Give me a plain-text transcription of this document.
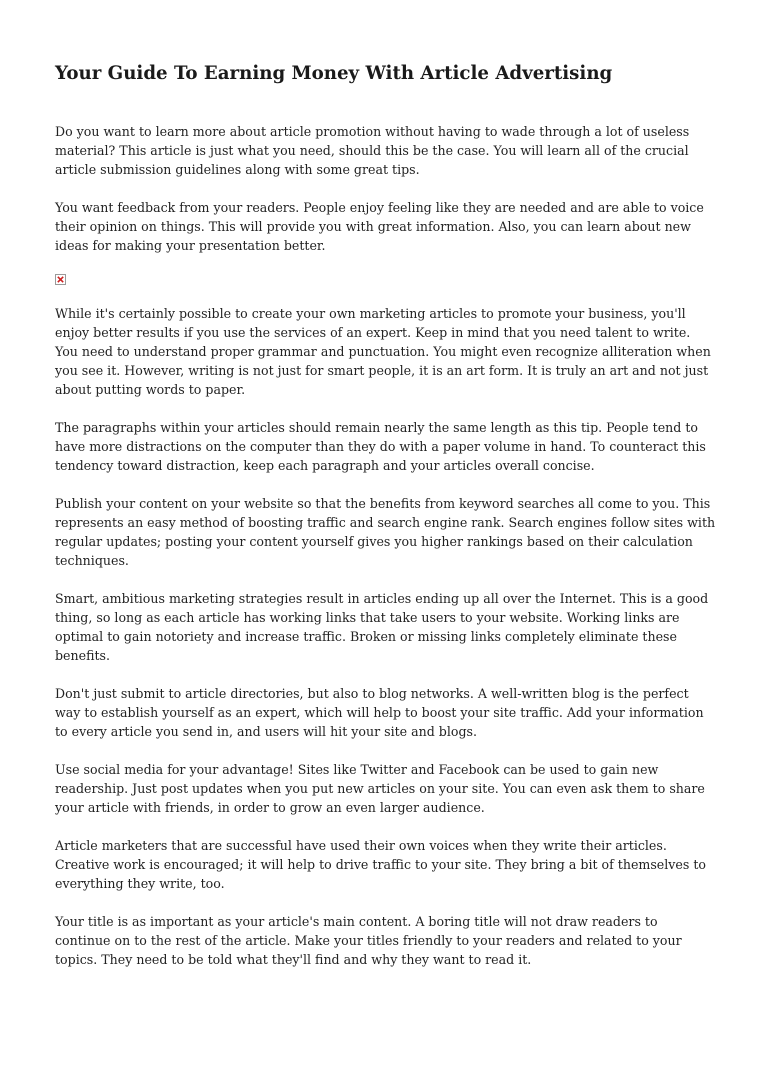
Your Guide To Earning Money With Article Advertising

Do you want to learn more about article promotion without having to wade through a lot of useless material? This article is just what you need, should this be the case. You will learn all of the crucial article submission guidelines along with some great tips.

You want feedback from your readers. People enjoy feeling like they are needed and are able to voice their opinion on things. This will provide you with great information. Also, you can learn about new ideas for making your presentation better.

While it's certainly possible to create your own marketing articles to promote your business, you'll enjoy better results if you use the services of an expert. Keep in mind that you need talent to write. You need to understand proper grammar and punctuation. You might even recognize alliteration when you see it. However, writing is not just for smart people, it is an art form. It is truly an art and not just about putting words to paper.

The paragraphs within your articles should remain nearly the same length as this tip. People tend to have more distractions on the computer than they do with a paper volume in hand. To counteract this tendency toward distraction, keep each paragraph and your articles overall concise.

Publish your content on your website so that the benefits from keyword searches all come to you. This represents an easy method of boosting traffic and search engine rank. Search engines follow sites with regular updates; posting your content yourself gives you higher rankings based on their calculation techniques.

Smart, ambitious marketing strategies result in articles ending up all over the Internet. This is a good thing, so long as each article has working links that take users to your website. Working links are optimal to gain notoriety and increase traffic. Broken or missing links completely eliminate these benefits.

Don't just submit to article directories, but also to blog networks. A well-written blog is the perfect way to establish yourself as an expert, which will help to boost your site traffic. Add your information to every article you send in, and users will hit your site and blogs.

Use social media for your advantage! Sites like Twitter and Facebook can be used to gain new readership. Just post updates when you put new articles on your site. You can even ask them to share your article with friends, in order to grow an even larger audience.

Article marketers that are successful have used their own voices when they write their articles. Creative work is encouraged; it will help to drive traffic to your site. They bring a bit of themselves to everything they write, too.

Your title is as important as your article's main content. A boring title will not draw readers to continue on to the rest of the article. Make your titles friendly to your readers and related to your topics. They need to be told what they'll find and why they want to read it.
